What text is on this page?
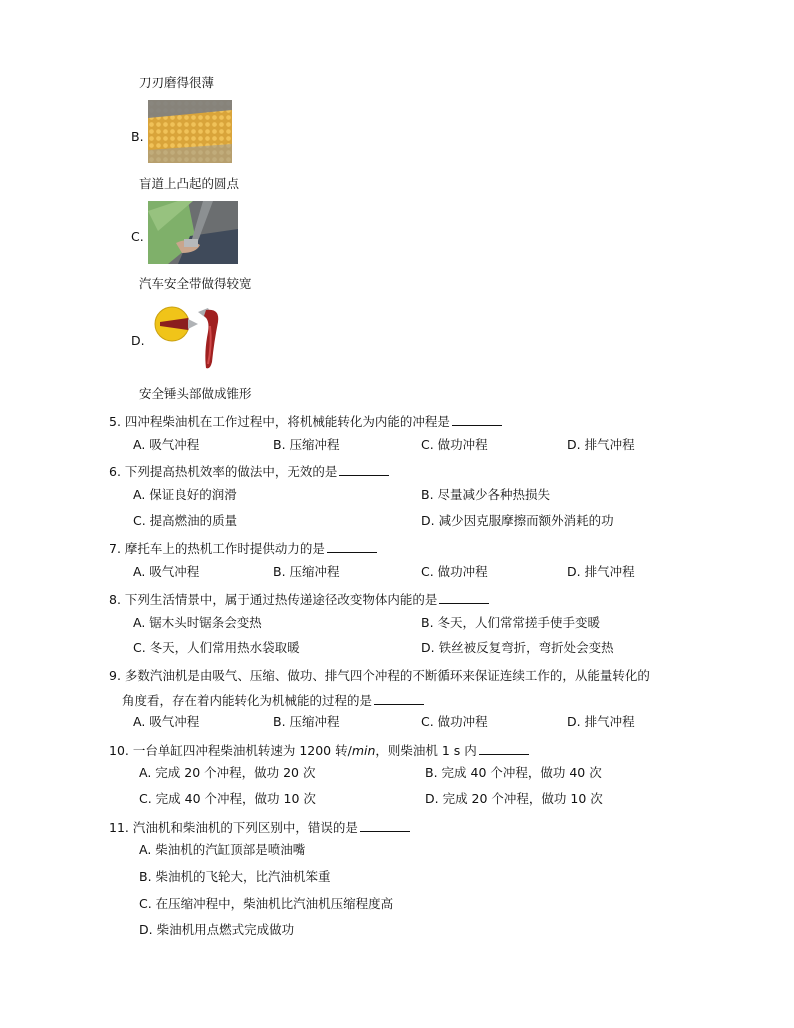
刀刃磨得很薄
B.
盲道上凸起的圆点
C.
汽车安全带做得较宽
D.
安全锤头部做成锥形
5. 四冲程柴油机在工作过程中，将机械能转化为内能的冲程是
A. 吸气冲程	B. 压缩冲程	C. 做功冲程	D. 排气冲程
6. 下列提高热机效率的做法中，无效的是
A. 保证良好的润滑	B. 尽量减少各种热损失
C. 提高燃油的质量	D. 减少因克服摩擦而额外消耗的功
7. 摩托车上的热机工作时提供动力的是
A. 吸气冲程	B. 压缩冲程	C. 做功冲程	D. 排气冲程
8. 下列生活情景中，属于通过热传递途径改变物体内能的是
A. 锯木头时锯条会变热	B. 冬天，人们常常搓手使手变暖
C. 冬天，人们常用热水袋取暖	D. 铁丝被反复弯折，弯折处会变热
9. 多数汽油机是由吸气、压缩、做功、排气四个冲程的不断循环来保证连续工作的，从能量转化的
角度看，存在着内能转化为机械能的过程的是
A. 吸气冲程	B. 压缩冲程	C. 做功冲程	D. 排气冲程
10. 一台单缸四冲程柴油机转速为 1200 转/min，则柴油机 1 s 内
A. 完成 20 个冲程，做功 20 次	B. 完成 40 个冲程，做功 40 次
C. 完成 40 个冲程，做功 10 次	D. 完成 20 个冲程，做功 10 次
11. 汽油机和柴油机的下列区别中，错误的是
A. 柴油机的汽缸顶部是喷油嘴
B. 柴油机的飞轮大，比汽油机笨重
C. 在压缩冲程中，柴油机比汽油机压缩程度高
D. 柴油机用点燃式完成做功
